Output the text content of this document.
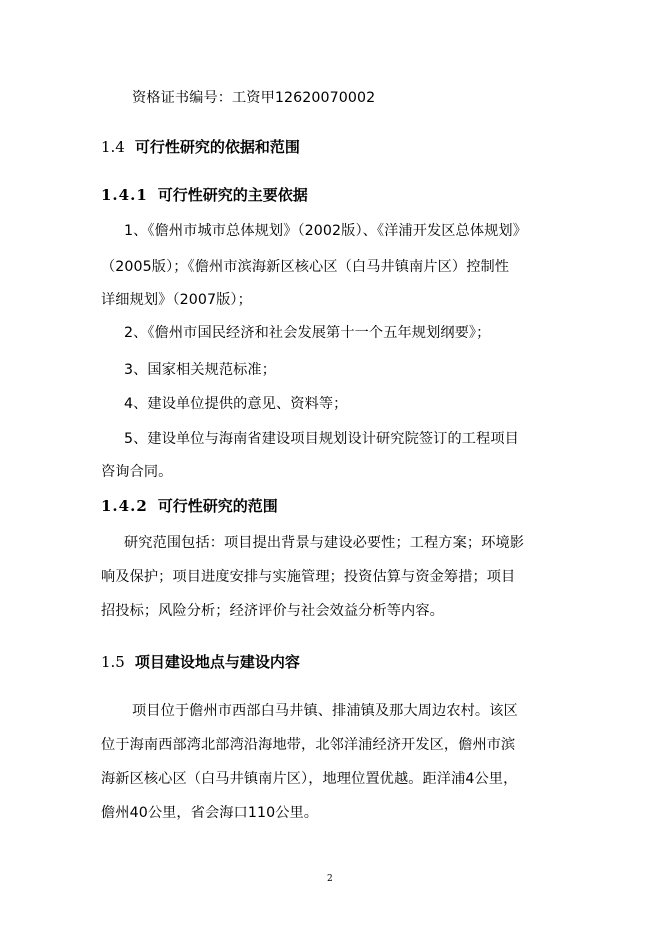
资格证书编号：工资甲12620070002
1.4 可行性研究的依据和范围
1.4.1 可行性研究的主要依据
1、《儋州市城市总体规划》（2002版）、《洋浦开发区总体规划》
（2005版）；《儋州市滨海新区核心区（白马井镇南片区）控制性
详细规划》（2007版）；
2、《儋州市国民经济和社会发展第十一个五年规划纲要》；
3、国家相关规范标准；
4、建设单位提供的意见、资料等；
5、建设单位与海南省建设项目规划设计研究院签订的工程项目
咨询合同。
1.4.2 可行性研究的范围
研究范围包括：项目提出背景与建设必要性；工程方案；环境影
响及保护；项目进度安排与实施管理；投资估算与资金筹措；项目
招投标；风险分析；经济评价与社会效益分析等内容。
1.5 项目建设地点与建设内容
项目位于儋州市西部白马井镇、排浦镇及那大周边农村。该区
位于海南西部湾北部湾沿海地带，北邻洋浦经济开发区，儋州市滨
海新区核心区（白马井镇南片区），地理位置优越。距洋浦4公里，
儋州40公里，省会海口110公里。
2
